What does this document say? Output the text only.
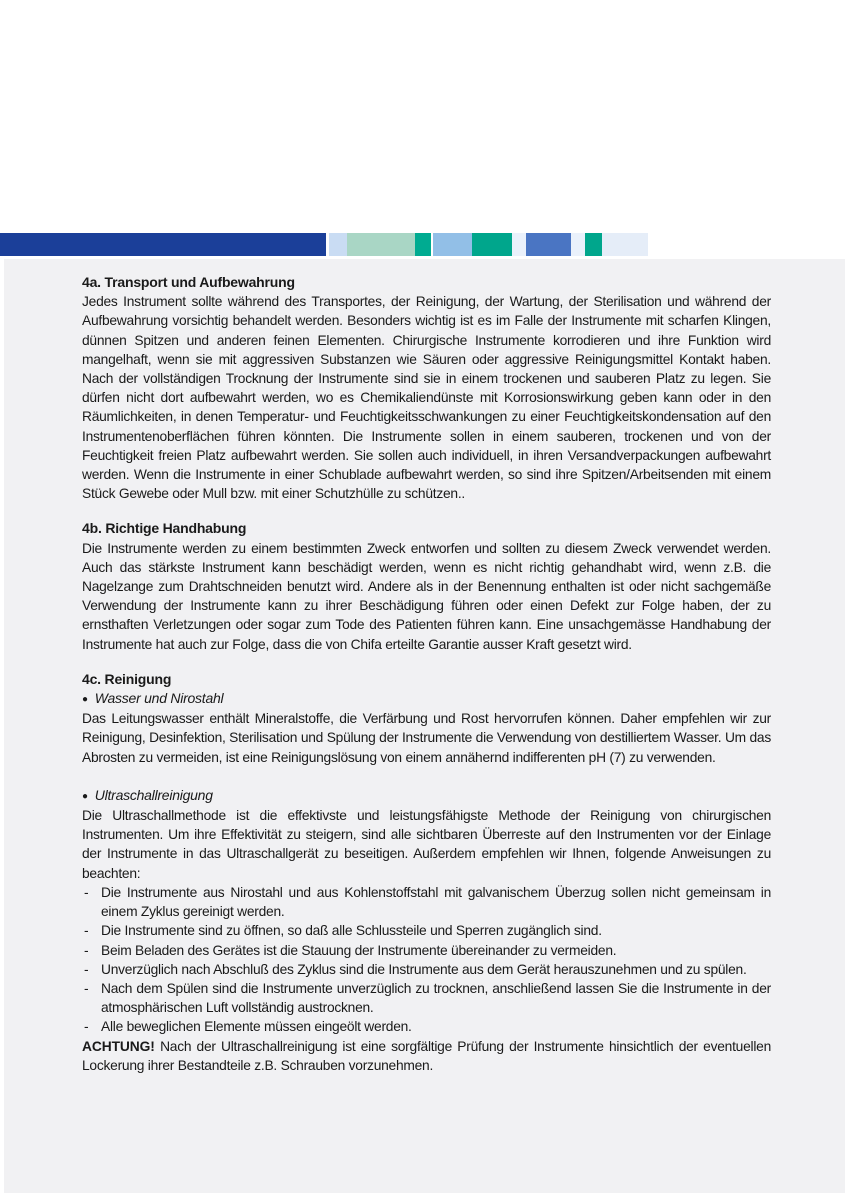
4a. Transport und Aufbewahrung

Jedes Instrument sollte während des Transportes, der Reinigung, der Wartung, der Sterilisation und während der Aufbewahrung vorsichtig behandelt werden. Besonders wichtig ist es im Falle der Instrumente mit scharfen Klingen, dünnen Spitzen und anderen feinen Elementen. Chirurgische Instrumente korrodieren und ihre Funktion wird mangelhaft, wenn sie mit aggressiven Substanzen wie Säuren oder aggressive Reinigungsmittel Kontakt haben. Nach der vollständigen Trocknung der Instrumente sind sie in einem trockenen und sauberen Platz zu legen. Sie dürfen nicht dort aufbewahrt werden, wo es Chemikaliendünste mit Korrosionswirkung geben kann oder in den Räumlichkeiten, in denen Temperatur- und Feuchtigkeitsschwankungen zu einer Feuchtigkeitskondensation auf den Instrumentenoberflächen führen könnten. Die Instrumente sollen in einem sauberen, trockenen und von der Feuchtigkeit freien Platz aufbewahrt werden. Sie sollen auch individuell, in ihren Versandverpackungen aufbewahrt werden. Wenn die Instrumente in einer Schublade aufbewahrt werden, so sind ihre Spitzen/Arbeitsenden mit einem Stück Gewebe oder Mull bzw. mit einer Schutzhülle zu schützen..

4b. Richtige Handhabung

Die Instrumente werden zu einem bestimmten Zweck entworfen und sollten zu diesem Zweck verwendet werden. Auch das stärkste Instrument kann beschädigt werden, wenn es nicht richtig gehandhabt wird, wenn z.B. die Nagelzange zum Drahtschneiden benutzt wird. Andere als in der Benennung enthalten ist oder nicht sachgemäße Verwendung der Instrumente kann zu ihrer Beschädigung führen oder einen Defekt zur Folge haben, der zu ernsthaften Verletzungen oder sogar zum Tode des Patienten führen kann. Eine unsachgemässe Handhabung der Instrumente hat auch zur Folge, dass die von Chifa erteilte Garantie ausser Kraft gesetzt wird.

4c. Reinigung
● Wasser und Nirostahl

Das Leitungswasser enthält Mineralstoffe, die Verfärbung und Rost hervorrufen können. Daher empfehlen wir zur Reinigung, Desinfektion, Sterilisation und Spülung der Instrumente die Verwendung von destilliertem Wasser. Um das Abrosten zu vermeiden, ist eine Reinigungslösung von einem annähernd indifferenten pH (7) zu verwenden.

● Ultraschallreinigung

Die Ultraschallmethode ist die effektivste und leistungsfähigste Methode der Reinigung von chirurgischen Instrumenten. Um ihre Effektivität zu steigern, sind alle sichtbaren Überreste auf den Instrumenten vor der Einlage der Instrumente in das Ultraschallgerät zu beseitigen. Außerdem empfehlen wir Ihnen, folgende Anweisungen zu beachten:

- Die Instrumente aus Nirostahl und aus Kohlenstoffstahl mit galvanischem Überzug sollen nicht gemeinsam in einem Zyklus gereinigt werden.
- Die Instrumente sind zu öffnen, so daß alle Schlussteile und Sperren zugänglich sind.
- Beim Beladen des Gerätes ist die Stauung der Instrumente übereinander zu vermeiden.
- Unverzüglich nach Abschluß des Zyklus sind die Instrumente aus dem Gerät herauszunehmen und zu spülen.
- Nach dem Spülen sind die Instrumente unverzüglich zu trocknen, anschließend lassen Sie die Instrumente in der atmosphärischen Luft vollständig austrocknen.
- Alle beweglichen Elemente müssen eingeölt werden.

ACHTUNG! Nach der Ultraschallreinigung ist eine sorgfältige Prüfung der Instrumente hinsichtlich der eventuellen Lockerung ihrer Bestandteile z.B. Schrauben vorzunehmen.
